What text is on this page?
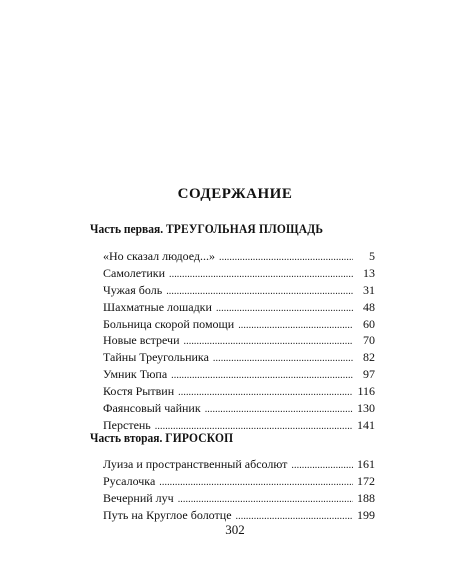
СОДЕРЖАНИЕ
Часть первая. ТРЕУГОЛЬНАЯ ПЛОЩАДЬ
«Но сказал людоед...» . . .	5
Самолетики . . .	13
Чужая боль . . .	31
Шахматные лошадки . . .	48
Больница скорой помощи . . .	60
Новые встречи . . .	70
Тайны Треугольника . . .	82
Умник Тюпа . . .	97
Костя Рытвин . . .	116
Фаянсовый чайник . . .	130
Перстень . . .	141
Часть вторая. ГИРОСКОП
Луиза и пространственный абсолют . . .	161
Русалочка . . .	172
Вечерний луч . . .	188
Путь на Круглое болотце . . .	199
302
